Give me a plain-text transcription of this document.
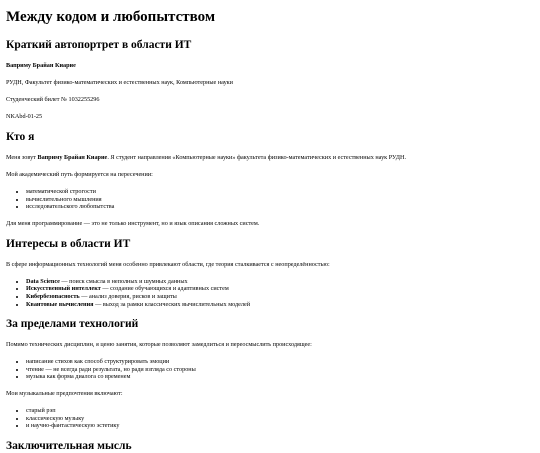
Между кодом и любопытством
Краткий автопортрет в области ИТ

Ваприму Брайан Киарие

РУДН, Факультет физико-математических и естественных наук, Компьютерные науки

Студенческий билет № 1032255296

NKAbd-01-25

Кто я

Меня зовут Ваприму Брайан Киарие. Я студент направления «Компьютерные науки» факультета физико-математических и естественных наук РУДН.

Мой академический путь формируется на пересечении:

• математической строгости
• вычислительного мышления
• исследовательского любопытства

Для меня программирование — это не только инструмент, но и язык описания сложных систем.

Интересы в области ИТ

В сфере информационных технологий меня особенно привлекают области, где теория сталкивается с неопределённостью:

• Data Science — поиск смысла в неполных и шумных данных
• Искусственный интеллект — создание обучающихся и адаптивных систем
• Кибербезопасность — анализ доверия, рисков и защиты
• Квантовые вычисления — выход за рамки классических вычислительных моделей
За пределами технологий

Помимо технических дисциплин, я ценю занятия, которые позволяют замедлиться и переосмыслить происходящее:

• написание стихов как способ структурировать эмоции
• чтение — не всегда ради результата, но ради взгляда со стороны
• музыка как форма диалога со временем

Мои музыкальные предпочтения включают:

• старый рэп
• классическую музыку
• и научно-фантастическую эстетику
Заключительная мысль
